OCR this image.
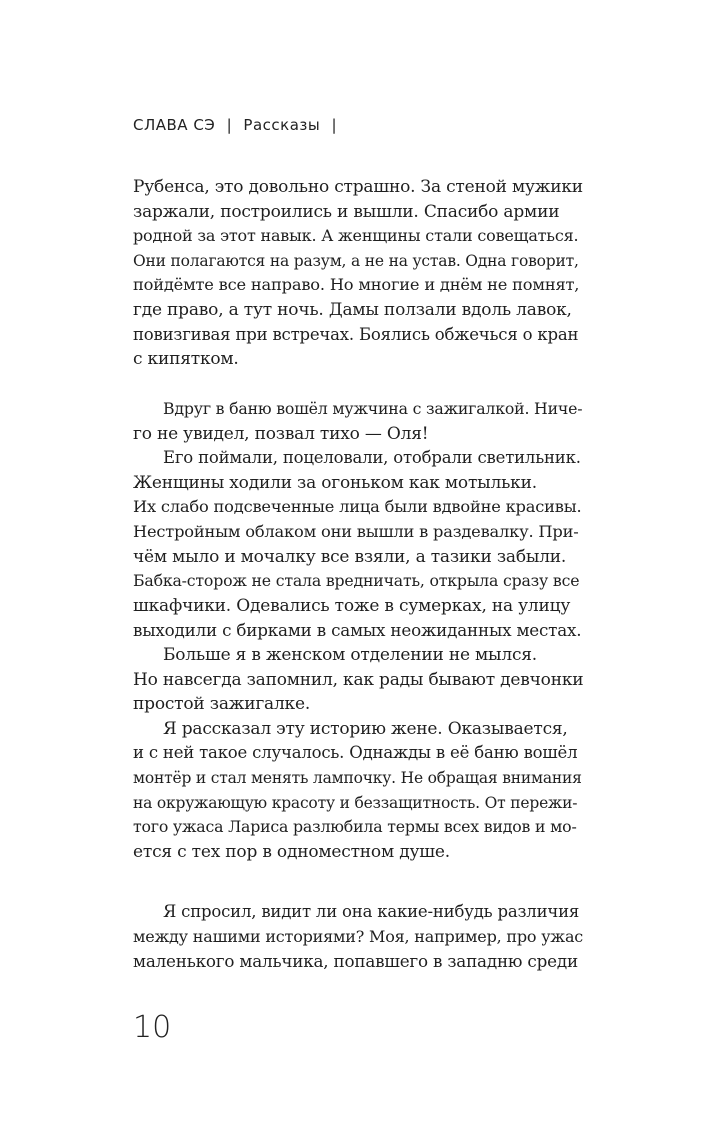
СЛАВА СЭ | Рассказы |
Рубенса, это довольно страшно. За стеной мужики
заржали, построились и вышли. Спасибо армии
родной за этот навык. А женщины стали совещаться.
Они полагаются на разум, а не на устав. Одна говорит,
пойдёмте все направо. Но многие и днём не помнят,
где право, а тут ночь. Дамы ползали вдоль лавок,
повизгивая при встречах. Боялись обжечься о кран
с кипятком.
Вдруг в баню вошёл мужчина с зажигалкой. Ниче-
го не увидел, позвал тихо — Оля!
Его поймали, поцеловали, отобрали светильник.
Женщины ходили за огоньком как мотыльки.
Их слабо подсвеченные лица были вдвойне красивы.
Нестройным облаком они вышли в раздевалку. При-
чём мыло и мочалку все взяли, а тазики забыли.
Бабка-сторож не стала вредничать, открыла сразу все
шкафчики. Одевались тоже в сумерках, на улицу
выходили с бирками в самых неожиданных местах.
Больше я в женском отделении не мылся.
Но навсегда запомнил, как рады бывают девчонки
простой зажигалке.
Я рассказал эту историю жене. Оказывается,
и с ней такое случалось. Однажды в её баню вошёл
монтёр и стал менять лампочку. Не обращая внимания
на окружающую красоту и беззащитность. От пережи-
того ужаса Лариса разлюбила термы всех видов и мо-
ется с тех пор в одноместном душе.
Я спросил, видит ли она какие-нибудь различия
между нашими историями? Моя, например, про ужас
маленького мальчика, попавшего в западню среди
10
